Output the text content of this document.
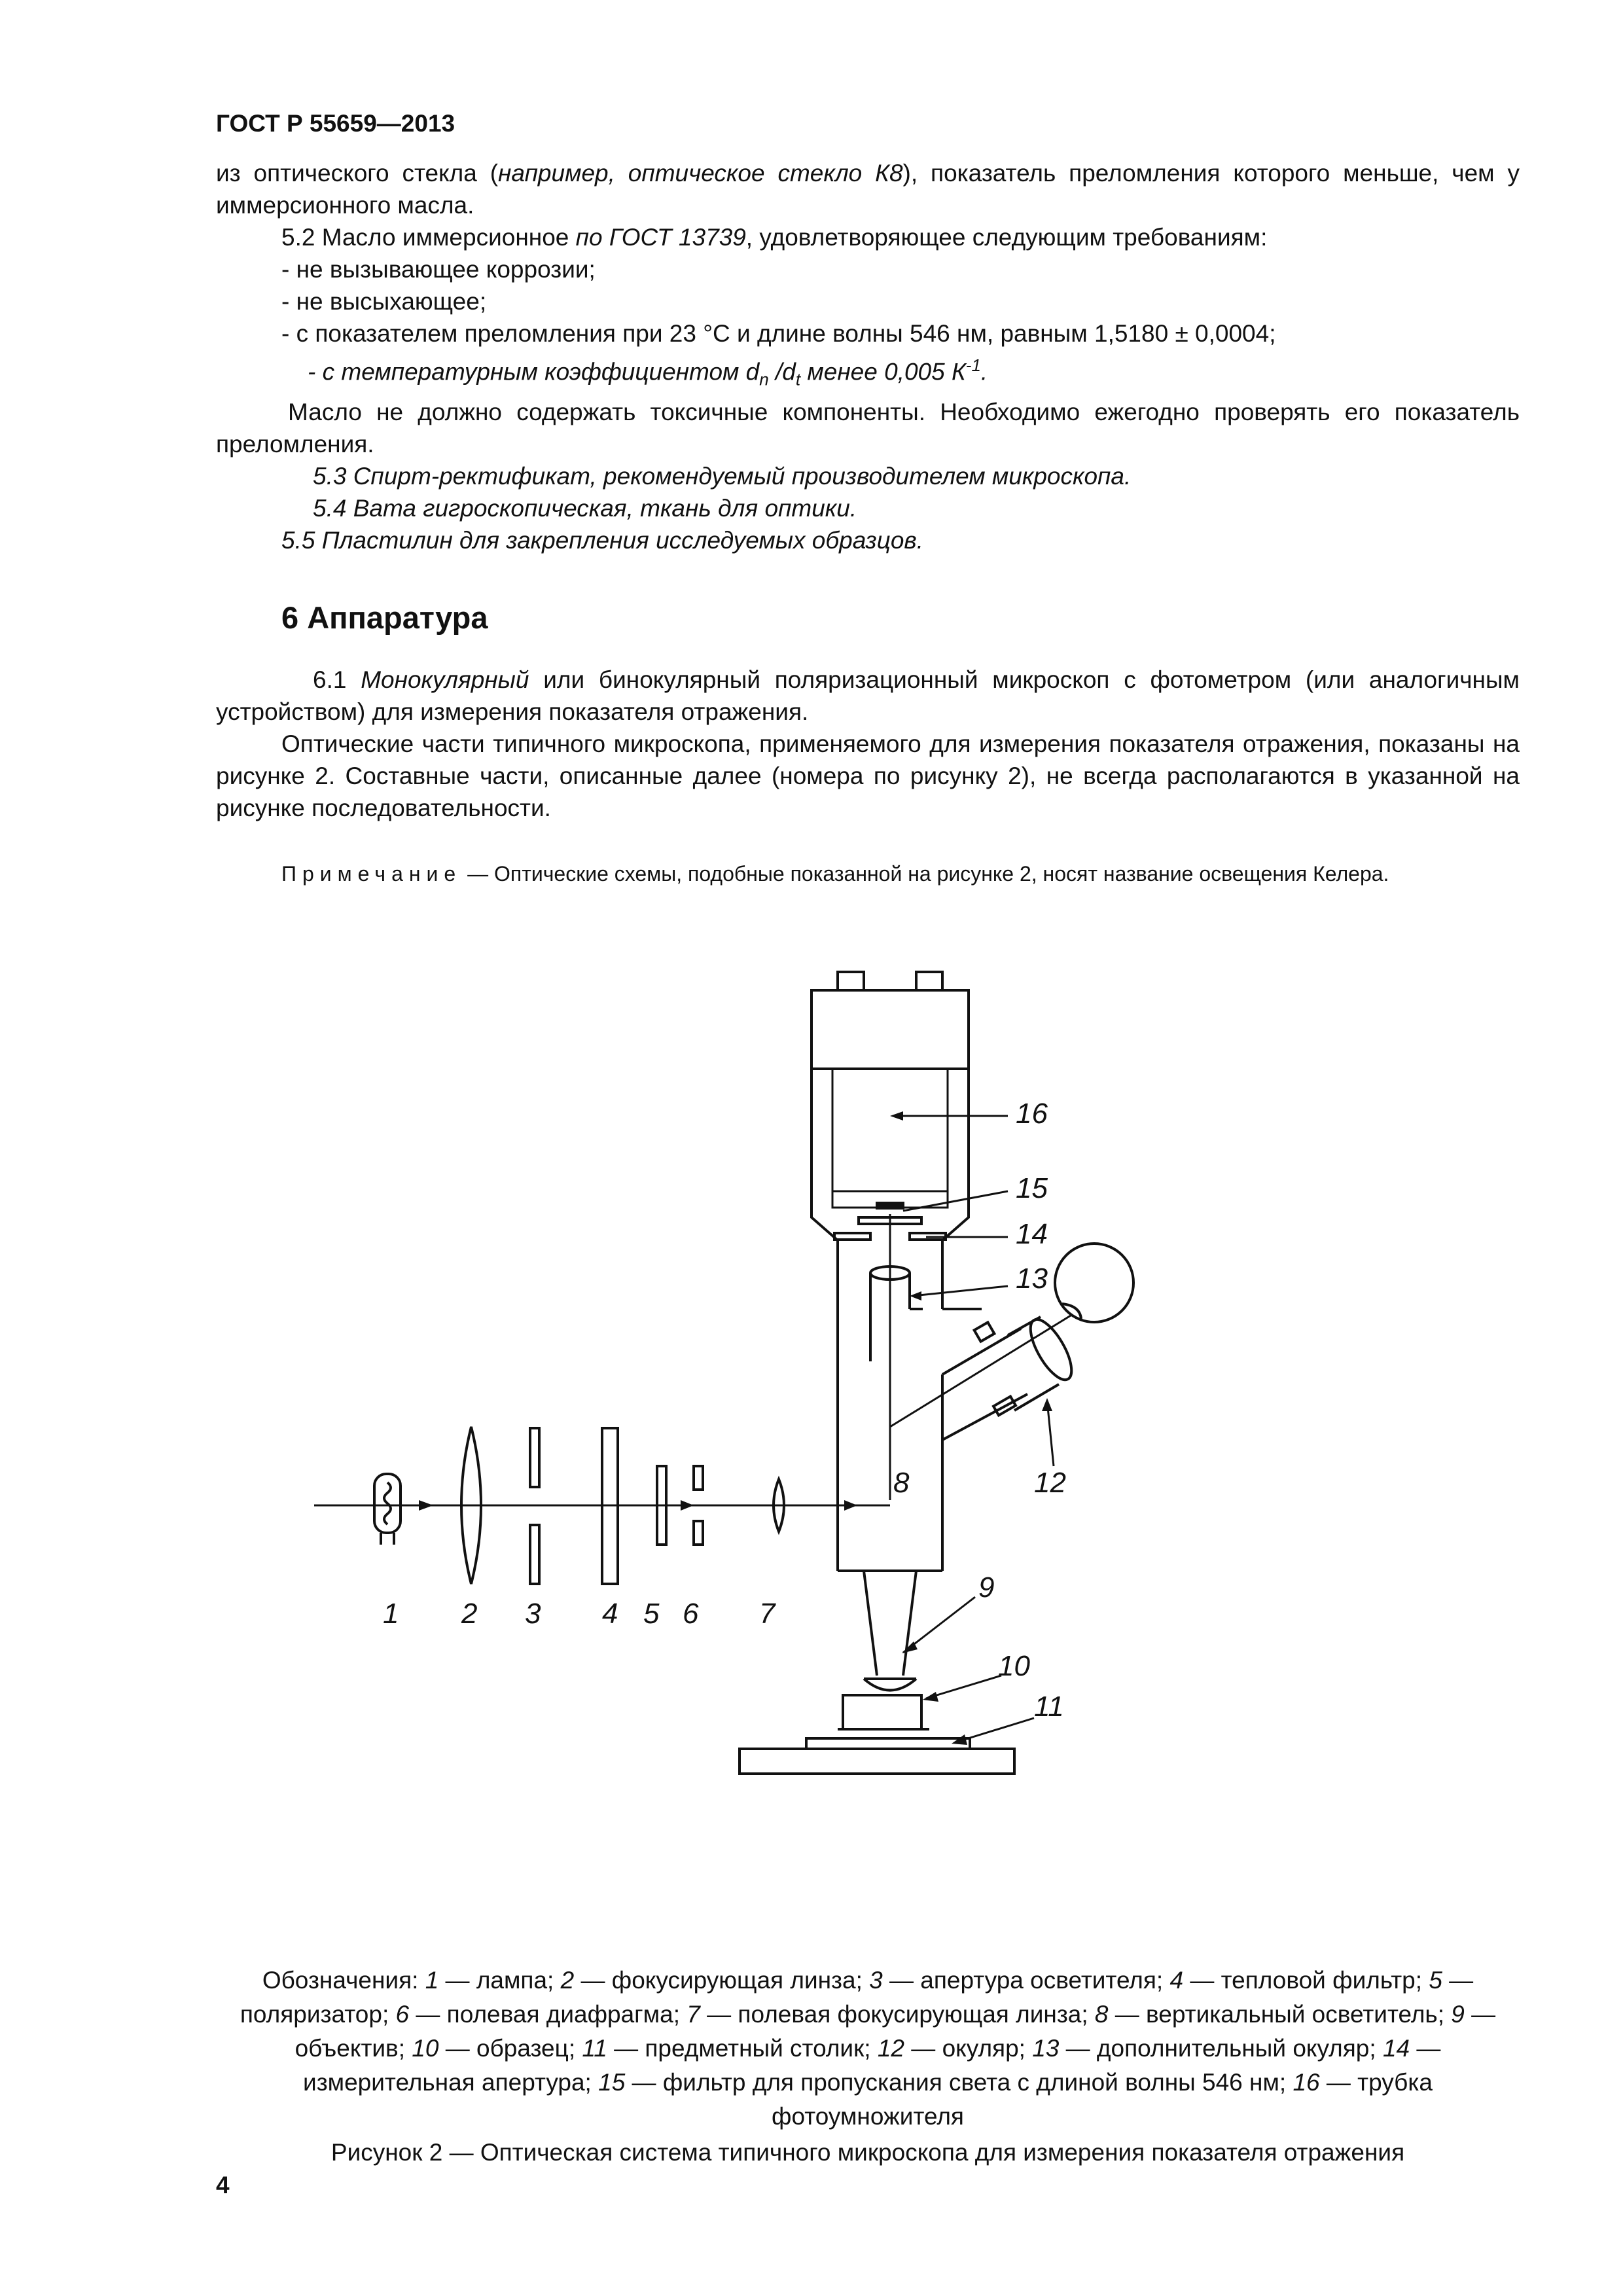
ГОСТ Р 55659—2013

из оптического стекла (например, оптическое стекло К8), показатель преломления которого меньше, чем у иммерсионного масла.

5.2 Масло иммерсионное по ГОСТ 13739, удовлетворяющее следующим требованиям:

- не вызывающее коррозии;

- не высыхающее;

- с показателем преломления при 23 °С и длине волны 546 нм, равным 1,5180 ± 0,0004;

- с температурным коэффициентом $d_n$ $/d_t$ менее 0,005 $К^{-1}$.

Масло не должно содержать токсичные компоненты. Необходимо ежегодно проверять его показатель преломления.

5.3 Спирт-ректификат, рекомендуемый производителем микроскопа.

5.4 Вата гигроскопическая, ткань для оптики.

5.5 Пластилин для закрепления исследуемых образцов.

6 Аппаратура

6.1 Монокулярный или бинокулярный поляризационный микроскоп с фотометром (или аналогичным устройством) для измерения показателя отражения.

Оптические части типичного микроскопа, применяемого для измерения показателя отражения, показаны на рисунке 2. Составные части, описанные далее (номера по рисунку 2), не всегда располагаются в указанной на рисунке последовательности.

Примечание — Оптические схемы, подобные показанной на рисунке 2, носят название освещения Келера.

1 2 3 4 5 6 7
8
9
10
11
12
13
14
15
16

Обозначения: 1 — лампа; 2 — фокусирующая линза; 3 — апертура осветителя; 4 — тепловой фильтр; 5 — поляризатор; 6 — полевая диафрагма; 7 — полевая фокусирующая линза; 8 — вертикальный осветитель; 9 — объектив; 10 — образец; 11 — предметный столик; 12 — окуляр; 13 — дополнительный окуляр; 14 — измерительная апертура; 15 — фильтр для пропускания света с длиной волны 546 нм; 16 — трубка фотоумножителя

Рисунок 2 — Оптическая система типичного микроскопа для измерения показателя отражения
4
